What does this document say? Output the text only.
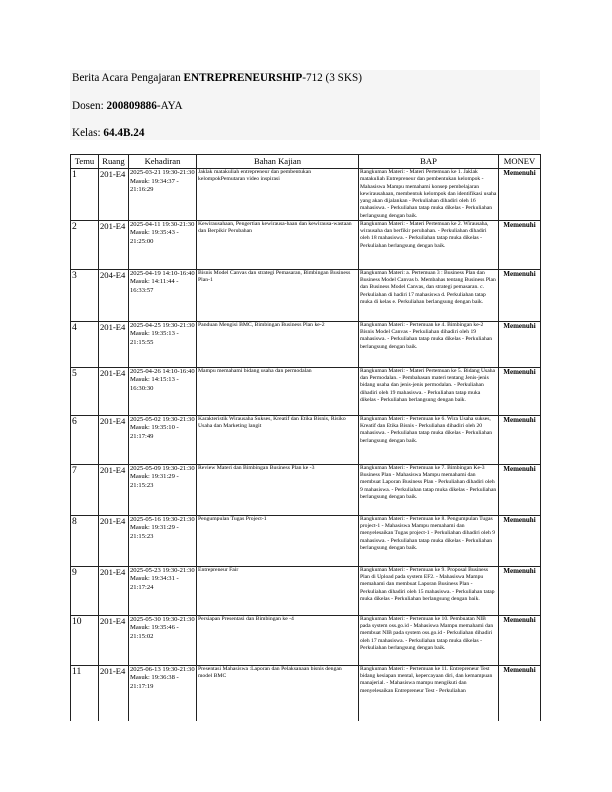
Berita Acara Pengajaran ENTREPRENEURSHIP-712 (3 SKS)
Dosen: 200809886-AYA
Kelas: 64.4B.24
Temu	Ruang	Kehadiran	Bahan Kajian	BAP	MONEV
1	201-E4	2025-03-21 19:30-21:30 Masuk: 19:34:37 - 21:16:29	Jaklak matakuliah entrepreneur dan pembentukan kelompokPemutaran video inspirasi	Rangkuman Materi: - Materi Pertemuan ke 1. Jaklak matakuliah Entrepreneur dan pembentukan kelompok - Mahasiswa Mampu memahami konsep pembelajaran kewirausahaan, membentuk kelompok dan identifikasi usaha yang akan dijalankan - Perkuliahan dihadiri oleh 16 mahasiswa. - Perkuliahan tatap muka dikelas - Perkuliahan berlangsung dengan baik.	Memenuhi
2	201-E4	2025-04-11 19:30-21:30 Masuk: 19:35:43 - 21:25:00	Kewirausahaan, Pengertian kewirausa-haan dan kewirausa-wastaan dan Berpikir Perubahan	Rangkuman Materi: - Materi Pertemuan ke 2. Wirausaha, wirausaha dan berfikir perubahan. - Perkuliahan dihadiri oleh 18 mahasiswa. - Perkuliahan tatap muka dikelas - Perkuliahan berlangsung dengan baik.	Memenuhi
3	204-E4	2025-04-19 14:10-16:40 Masuk: 14:11:44 - 16:33:57	Bisnis Model Canvas dan strategi Pemasaran, Bimbingan Business Plan-1	Rangkuman Materi: a. Pertemuan 3 : Business Plan dan Business Model Canvas b. Membahas tentang Business Plan dan Business Model Canvas, dan strategi pemasaran. c. Perkuliahan di hadiri 17 mahasiswa d. Perkuliahan tatap muka di kelas e. Perkuliahan berlangsung dengan baik.	Memenuhi
4	201-E4	2025-04-25 19:30-21:30 Masuk: 19:35:13 - 21:15:55	Panduan Mengisi BMC, Bimbingan Business Plan ke-2	Rangkuman Materi: - Pertemuan ke 4. Bimbingan ke-2 Bisnis Model Canvas - Perkuliahan dihadiri oleh 19 mahasiswa. - Perkuliahan tatap muka dikelas - Perkuliahan berlangsung dengan baik.	Memenuhi
5	201-E4	2025-04-26 14:10-16:40 Masuk: 14:15:13 - 16:30:30	Mampu memahami bidang usaha dan permodalan	Rangkuman Materi: - Materi Pertemuan ke 5. Bidang Usaha dan Permodalan. - Pembahasan materi tentang Jenis-jenis bidang usaha dan jenis-jenis permodalan. - Perkuliahan dihadiri oleh 19 mahasiswa. - Perkuliahan tatap muka dikelas - Perkuliahan berlangsung dengan baik.	Memenuhi
6	201-E4	2025-05-02 19:30-21:30 Masuk: 19:35:10 - 21:17:49	Karakteristik Wirausaha Sukses, Kreatif dan Etika Bisnis, Risiko Usaha dan Marketing langit	Rangkuman Materi: - Pertemuan ke 6. Wira Usaha sukses, Kreatif dan Etika Bisnis - Perkuliahan dihadiri oleh 20 mahasiswa. - Perkuliahan tatap muka dikelas - Perkuliahan berlangsung dengan baik.	Memenuhi
7	201-E4	2025-05-09 19:30-21:30 Masuk: 19:31:29 - 21:15:23	Review Materi dan Bimbingan Business Plan ke -3	Rangkuman Materi: - Pertemuan ke 7. Bimbingan Ke-3 Business Plan - Mahasiswa Mampu memahami dan membuat Laporan Business Plan - Perkuliahan dihadiri oleh 9 mahasiswa. - Perkuliahan tatap muka dikelas - Perkuliahan berlangsung dengan baik.	Memenuhi
8	201-E4	2025-05-16 19:30-21:30 Masuk: 19:31:29 - 21:15:23	Pengumpulan Tugas Project-1	Rangkuman Materi: - Pertemuan ke 8. Pengumpulan Tugas project-1 - Mahasiswa Mampu memahami dan menyelesaikan Tugas project-1 - Perkuliahan dihadiri oleh 9 mahasiswa. - Perkuliahan tatap muka dikelas - Perkuliahan berlangsung dengan baik.	Memenuhi
9	201-E4	2025-05-23 19:30-21:30 Masuk: 19:34:31 - 21:17:24	Entrepreneur Fair	Rangkuman Materi: - Pertemuan ke 9. Proposal Business Plan di Upload pada system EF2. - Mahasiswa Mampu memahami dan membuat Laporan Business Plan - Perkuliahan dihadiri oleh 15 mahasiswa. - Perkuliahan tatap muka dikelas - Perkuliahan berlangsung dengan baik.	Memenuhi
10	201-E4	2025-05-30 19:30-21:30 Masuk: 19:35:46 - 21:15:02	Persiapan Presentasi dan Bimbingan ke -4	Rangkuman Materi: - Pertemuan ke 10. Pembuatan NIB pada system oss.go.id - Mahasiswa Mampu memahami dan membuat NIB pada system oss.go.id - Perkuliahan dihadiri oleh 17 mahasiswa. - Perkuliahan tatap muka dikelas - Perkuliahan berlangsung dengan baik.	Memenuhi
11	201-E4	2025-06-13 19:30-21:30 Masuk: 19:36:38 - 21:17:19	Presentasi Mahasiswa :Laporan dan Pelaksanaan bisnis dengan model BMC	Rangkuman Materi: - Pertemuan ke 11. Entrepreneur Test bidang kesiapan mental, kepercayaan diri, dan kemampuan manajerial. - Mahasiswa mampu mengikuti dan menyelesaikan Entrepreneur Test - Perkuliahan	Memenuhi
